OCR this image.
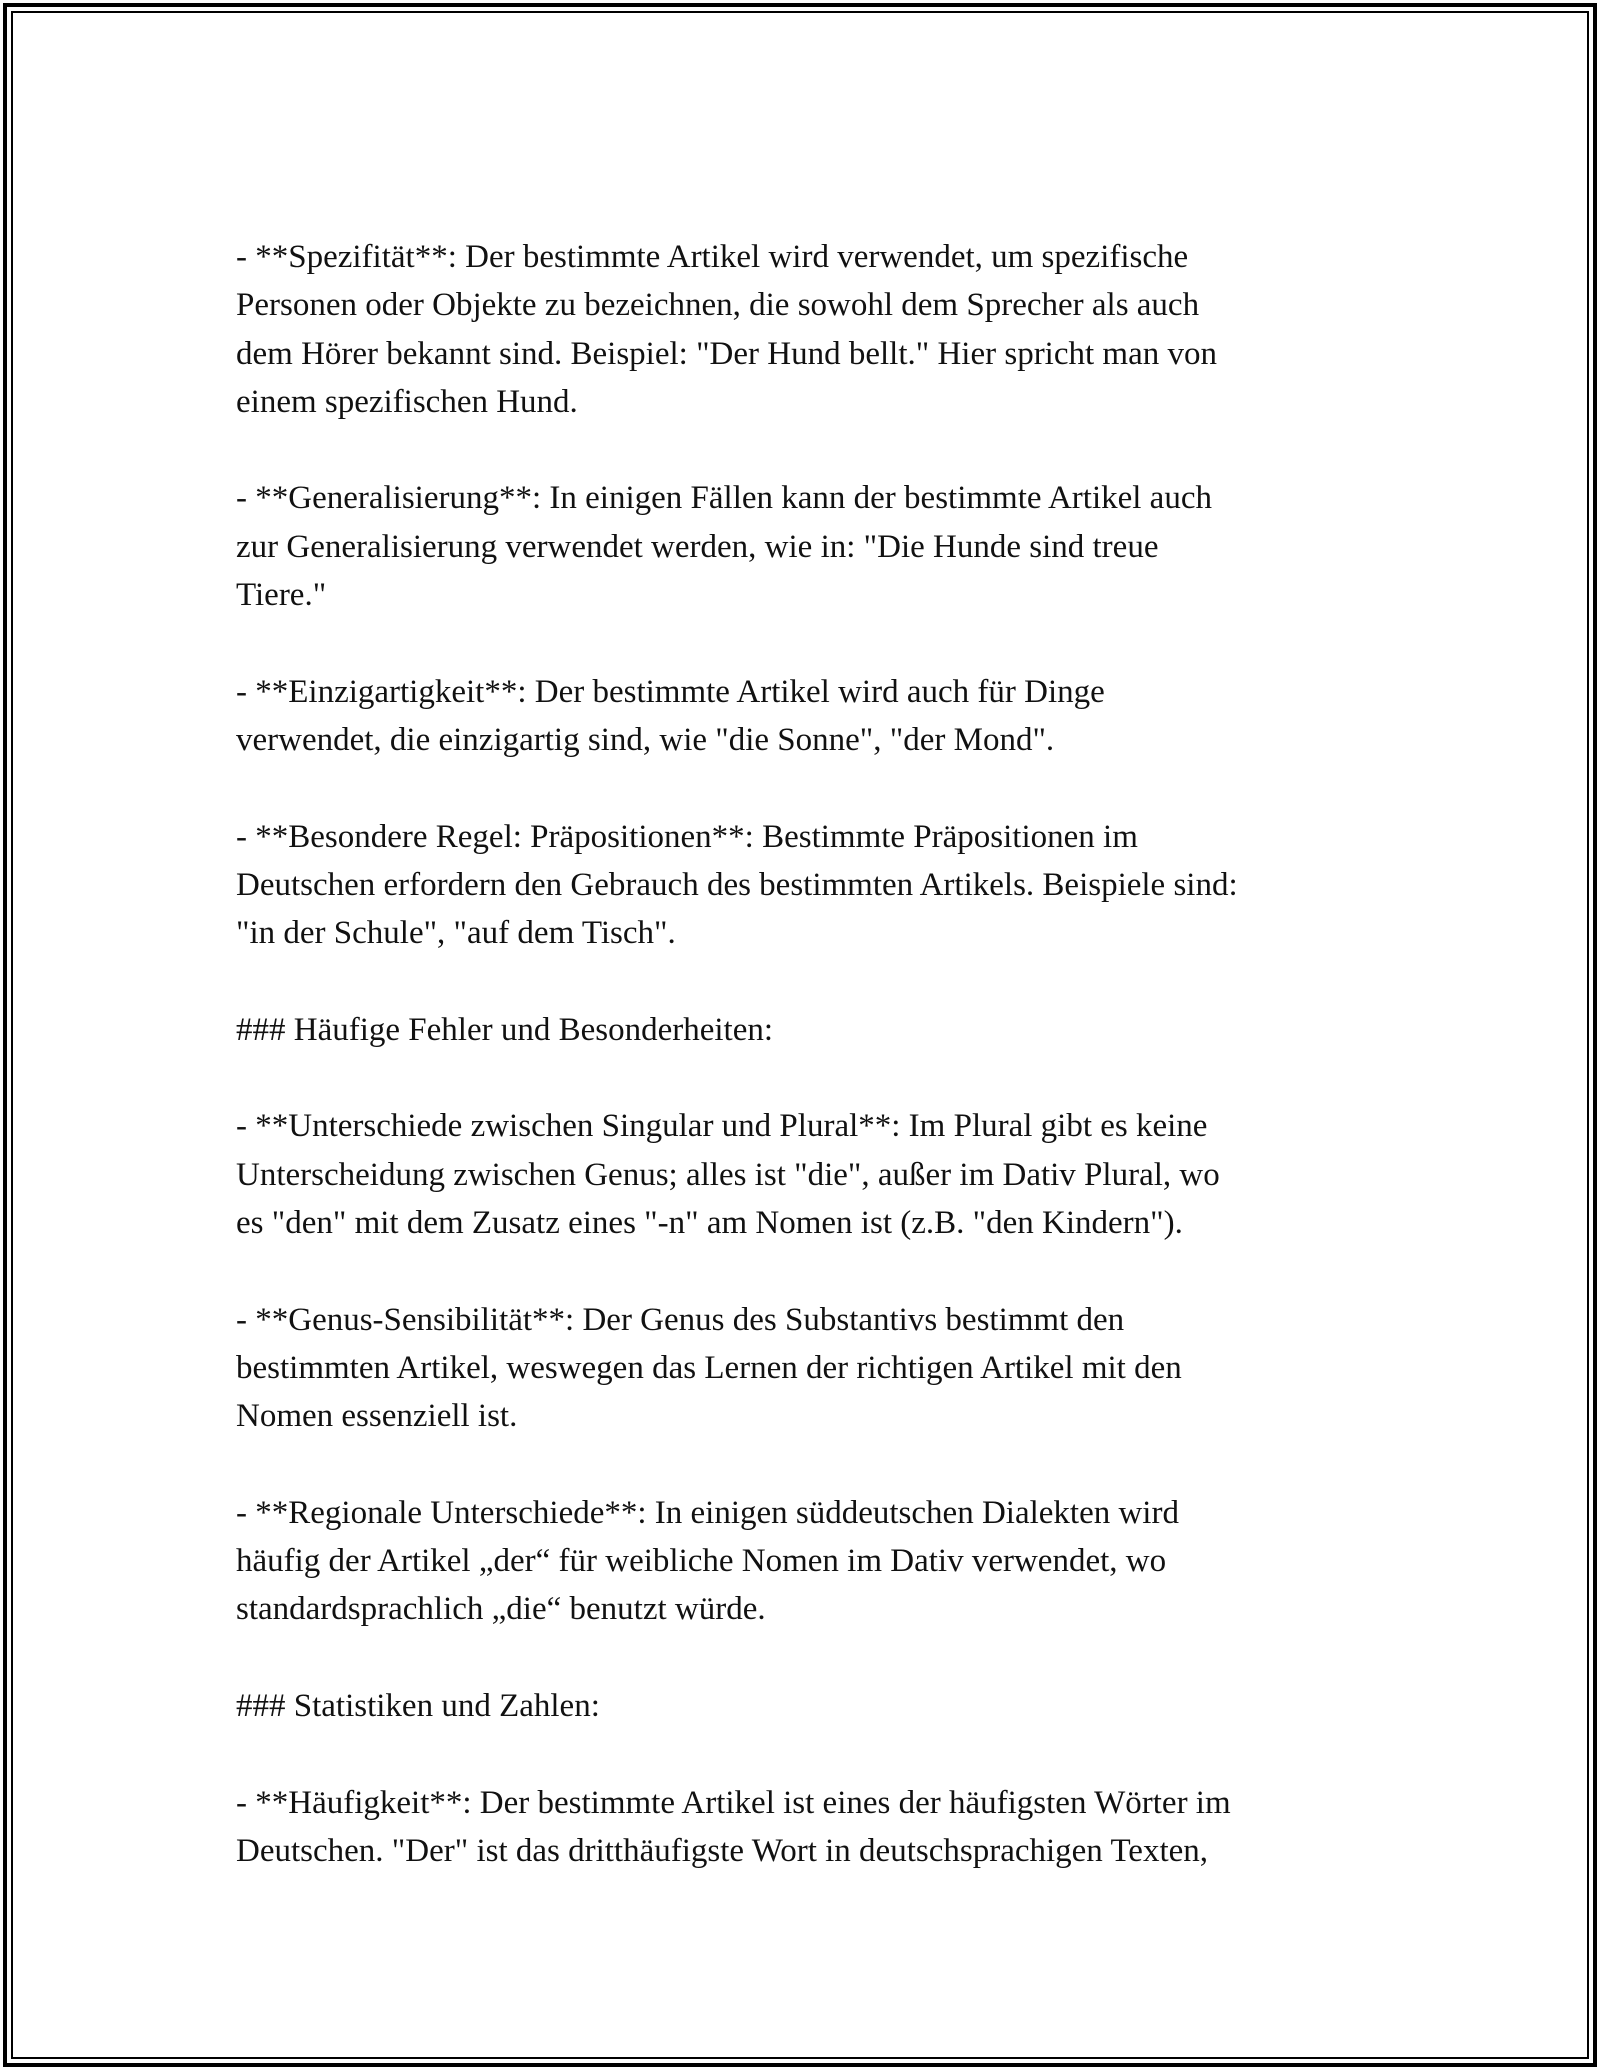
- **Spezifität**: Der bestimmte Artikel wird verwendet, um spezifische
Personen oder Objekte zu bezeichnen, die sowohl dem Sprecher als auch
dem Hörer bekannt sind. Beispiel: "Der Hund bellt." Hier spricht man von
einem spezifischen Hund.

- **Generalisierung**: In einigen Fällen kann der bestimmte Artikel auch
zur Generalisierung verwendet werden, wie in: "Die Hunde sind treue
Tiere."

- **Einzigartigkeit**: Der bestimmte Artikel wird auch für Dinge
verwendet, die einzigartig sind, wie "die Sonne", "der Mond".

- **Besondere Regel: Präpositionen**: Bestimmte Präpositionen im
Deutschen erfordern den Gebrauch des bestimmten Artikels. Beispiele sind:
"in der Schule", "auf dem Tisch".

### Häufige Fehler und Besonderheiten:

- **Unterschiede zwischen Singular und Plural**: Im Plural gibt es keine
Unterscheidung zwischen Genus; alles ist "die", außer im Dativ Plural, wo
es "den" mit dem Zusatz eines "-n" am Nomen ist (z.B. "den Kindern").

- **Genus-Sensibilität**: Der Genus des Substantivs bestimmt den
bestimmten Artikel, weswegen das Lernen der richtigen Artikel mit den
Nomen essenziell ist.

- **Regionale Unterschiede**: In einigen süddeutschen Dialekten wird
häufig der Artikel „der“ für weibliche Nomen im Dativ verwendet, wo
standardsprachlich „die“ benutzt würde.

### Statistiken und Zahlen:

- **Häufigkeit**: Der bestimmte Artikel ist eines der häufigsten Wörter im
Deutschen. "Der" ist das dritthäufigste Wort in deutschsprachigen Texten,
